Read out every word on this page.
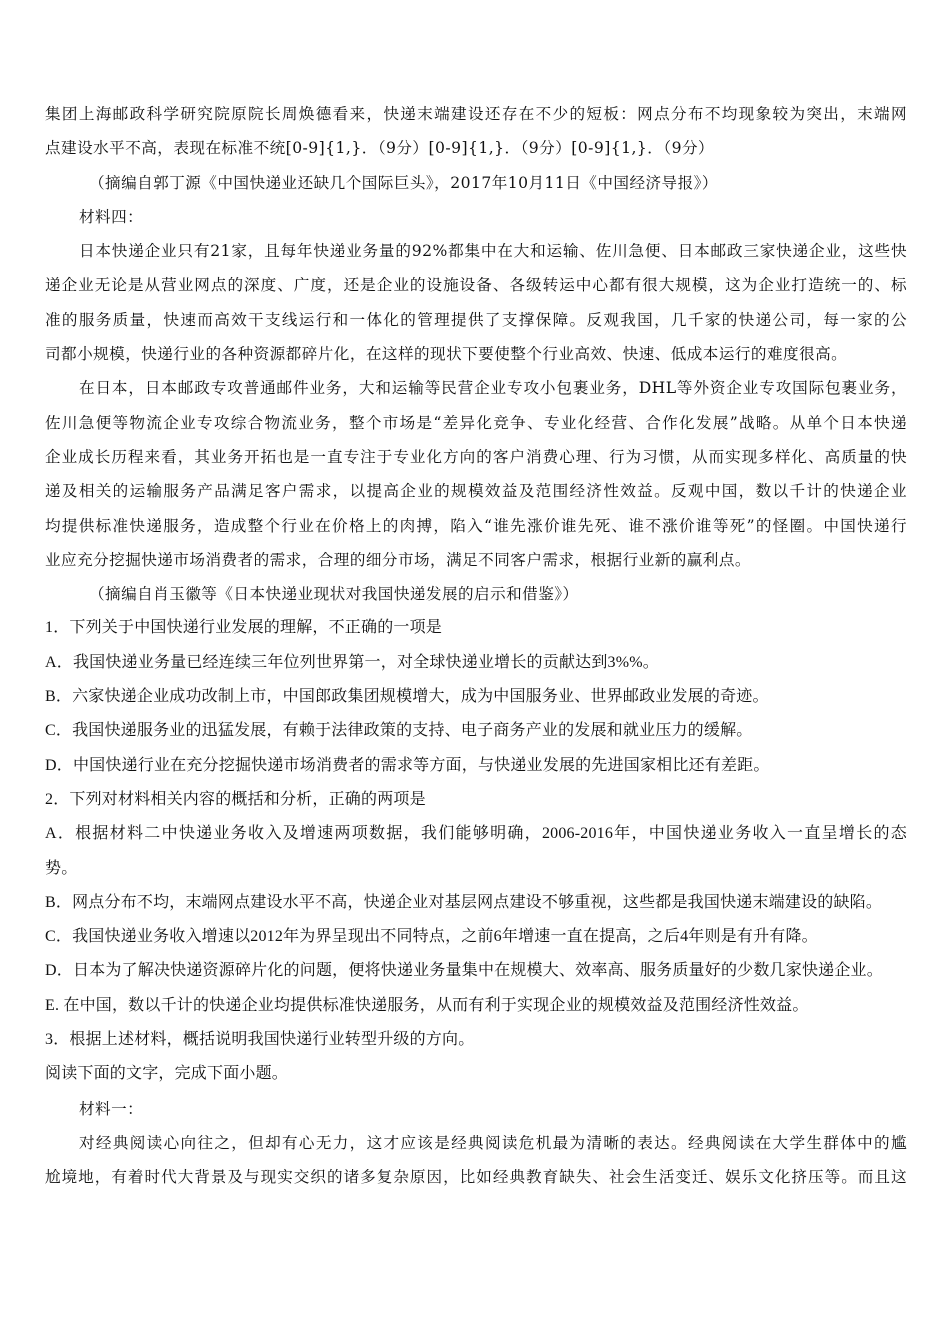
集团上海邮政科学研究院原院长周焕德看来，快递末端建设还存在不少的短板：网点分布不均现象较为突出，末端网
点建设水平不高，表现在标准不统[0-9]{1,}．（9分）[0-9]{1,}．（9分）[0-9]{1,}．（9分）
（摘编自郭丁源《中国快递业还缺几个国际巨头》，2017年10月11日《中国经济导报》）
材料四：
日本快递企业只有21家，且每年快递业务量的92%都集中在大和运输、佐川急便、日本邮政三家快递企业，这些快
递企业无论是从营业网点的深度、广度，还是企业的设施设备、各级转运中心都有很大规模，这为企业打造统一的、标
准的服务质量，快速而高效干支线运行和一体化的管理提供了支撑保障。反观我国，几千家的快递公司，每一家的公
司都小规模，快递行业的各种资源都碎片化，在这样的现状下要使整个行业高效、快速、低成本运行的难度很高。
在日本，日本邮政专攻普通邮件业务，大和运输等民营企业专攻小包裹业务，DHL等外资企业专攻国际包裹业务，
佐川急便等物流企业专攻综合物流业务，整个市场是“差异化竞争、专业化经营、合作化发展”战略。从单个日本快递
企业成长历程来看，其业务开拓也是一直专注于专业化方向的客户消费心理、行为习惯，从而实现多样化、高质量的快
递及相关的运输服务产品满足客户需求，以提高企业的规模效益及范围经济性效益。反观中国，数以千计的快递企业
均提供标准快递服务，造成整个行业在价格上的肉搏，陷入“谁先涨价谁先死、谁不涨价谁等死”的怪圈。中国快递行
业应充分挖掘快递市场消费者的需求，合理的细分市场，满足不同客户需求，根据行业新的赢利点。
（摘编自肖玉徽等《日本快递业现状对我国快递发展的启示和借鉴》）
1．下列关于中国快递行业发展的理解，不正确的一项是
A．我国快递业务量已经连续三年位列世界第一，对全球快递业增长的贡献达到3%%。
B．六家快递企业成功改制上市，中国郎政集团规模增大，成为中国服务业、世界邮政业发展的奇迹。
C．我国快递服务业的迅猛发展，有赖于法律政策的支持、电子商务产业的发展和就业压力的缓解。
D．中国快递行业在充分挖掘快递市场消费者的需求等方面，与快递业发展的先进国家相比还有差距。
2．下列对材料相关内容的概括和分析，正确的两项是
A．根据材料二中快递业务收入及增速两项数据，我们能够明确，2006-2016年，中国快递业务收入一直呈增长的态
势。
B．网点分布不均，末端网点建设水平不高，快递企业对基层网点建设不够重视，这些都是我国快递末端建设的缺陷。
C．我国快递业务收入增速以2012年为界呈现出不同特点，之前6年增速一直在提高，之后4年则是有升有降。
D．日本为了解决快递资源碎片化的问题，便将快递业务量集中在规模大、效率高、服务质量好的少数几家快递企业。
E. 在中国，数以千计的快递企业均提供标准快递服务，从而有利于实现企业的规模效益及范围经济性效益。
3．根据上述材料，概括说明我国快递行业转型升级的方向。
阅读下面的文字，完成下面小题。
材料一：
对经典阅读心向往之，但却有心无力，这才应该是经典阅读危机最为清晰的表达。经典阅读在大学生群体中的尴
尬境地，有着时代大背景及与现实交织的诸多复杂原因，比如经典教育缺失、社会生活变迁、娱乐文化挤压等。而且这
